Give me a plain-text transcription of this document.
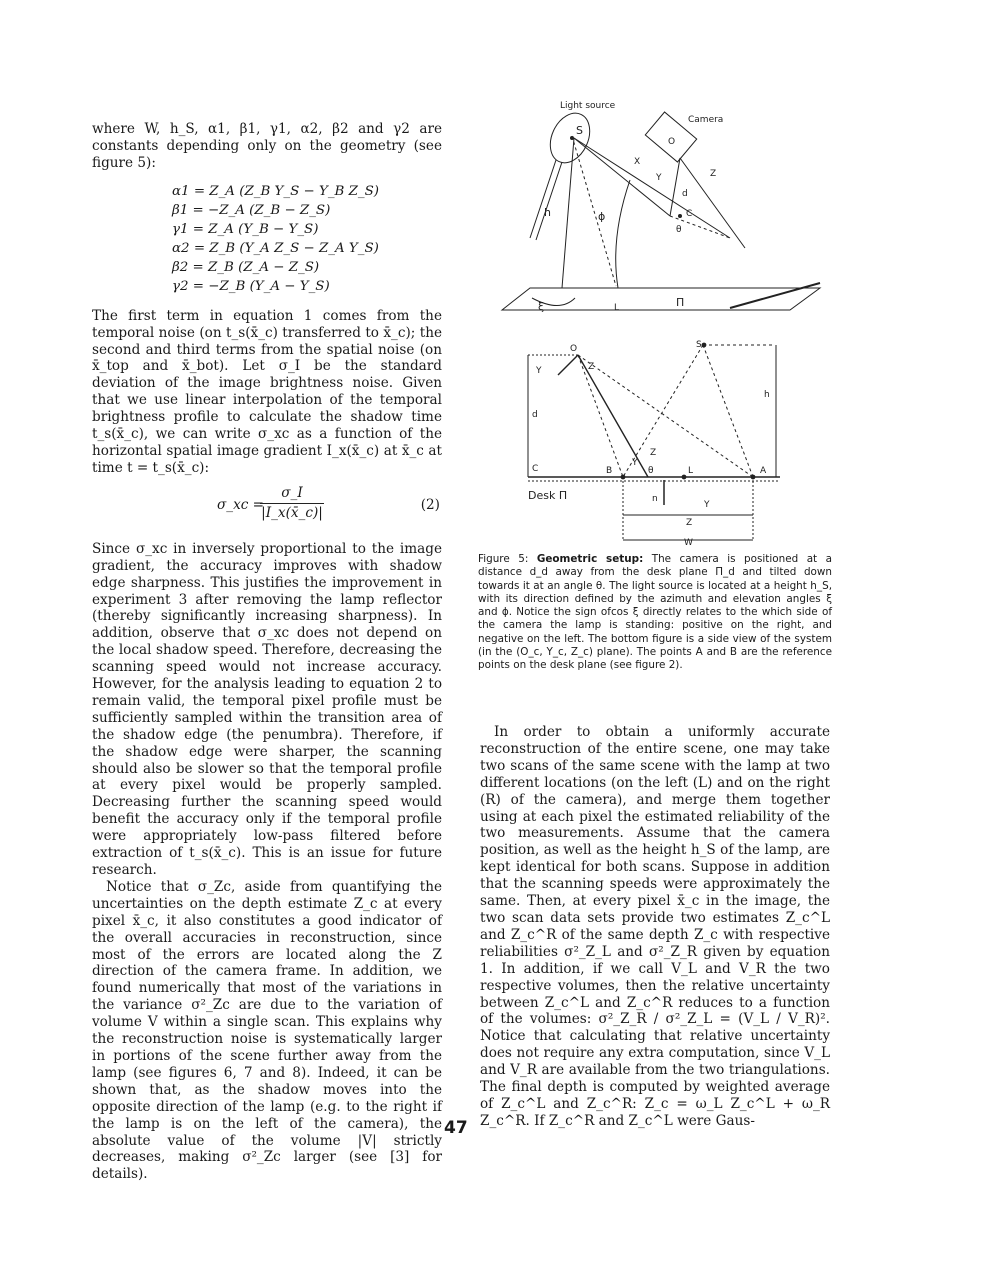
where W, h_S, α1, β1, γ1, α2, β2 and γ2 are constants depending only on the geometry (see figure 5):

α1 = Z_A (Z_B Y_S − Y_B Z_S)
β1 = −Z_A (Z_B − Z_S)
γ1 = Z_A (Y_B − Y_S)
α2 = Z_B (Y_A Z_S − Z_A Y_S)
β2 = Z_B (Z_A − Z_S)
γ2 = −Z_B (Y_A − Y_S)

The first term in equation 1 comes from the temporal noise (on t_s(x̄_c) transferred to x̄_c); the second and third terms from the spatial noise (on x̄_top and x̄_bot). Let σ_I be the standard deviation of the image brightness noise. Given that we use linear interpolation of the temporal brightness profile to calculate the shadow time t_s(x̄_c), we can write σ_xc as a function of the horizontal spatial image gradient I_x(x̄_c) at x̄_c at time t = t_s(x̄_c):

σ_xc =
$\frac{\sigma\_I}{|I\_x(x̄\_c)|}$	(2)

Since σ_xc in inversely proportional to the image gradient, the accuracy improves with shadow edge sharpness. This justifies the improvement in experiment 3 after removing the lamp reflector (thereby significantly increasing sharpness). In addition, observe that σ_xc does not depend on the local shadow speed. Therefore, decreasing the scanning speed would not increase accuracy. However, for the analysis leading to equation 2 to remain valid, the temporal pixel profile must be sufficiently sampled within the transition area of the shadow edge (the penumbra). Therefore, if the shadow edge were sharper, the scanning should also be slower so that the temporal profile at every pixel would be properly sampled. Decreasing further the scanning speed would benefit the accuracy only if the temporal profile were appropriately low-pass filtered before extraction of t_s(x̄_c). This is an issue for future research.

Notice that σ_Zc, aside from quantifying the uncertainties on the depth estimate Z_c at every pixel x̄_c, it also constitutes a good indicator of the overall accuracies in reconstruction, since most of the errors are located along the Z direction of the camera frame. In addition, we found numerically that most of the variations in the variance σ²_Zc are due to the variation of volume V within a single scan. This explains why the reconstruction noise is systematically larger in portions of the scene further away from the lamp (see figures 6, 7 and 8). Indeed, it can be shown that, as the shadow moves into the opposite direction of the lamp (e.g. to the right if the lamp is on the left of the camera), the absolute value of the volume |V| strictly decreases, making σ²_Zc larger (see [3] for details).

Light source
Camera
S
O
X
Y	Z
d
h	ϕ	C
θ
ξ	L	Π
S
O
Y	Z
d
h
C	B
Y
Z
θ	L	A
Desk Π	n
Z
Y
W
Figure 5: Geometric setup: The camera is positioned at a distance d_d away from the desk plane Π_d and tilted down towards it at an angle θ. The light source is located at a height h_S, with its direction defined by the azimuth and elevation angles ξ and ϕ. Notice the sign ofcos ξ directly relates to the which side of the camera the lamp is standing: positive on the right, and negative on the left. The bottom figure is a side view of the system (in the (O_c, Y_c, Z_c) plane). The points A and B are the reference points on the desk plane (see figure 2).

In order to obtain a uniformly accurate reconstruction of the entire scene, one may take two scans of the same scene with the lamp at two different locations (on the left (L) and on the right (R) of the camera), and merge them together using at each pixel the estimated reliability of the two measurements. Assume that the camera position, as well as the height h_S of the lamp, are kept identical for both scans. Suppose in addition that the scanning speeds were approximately the same. Then, at every pixel x̄_c in the image, the two scan data sets provide two estimates Z_c^L and Z_c^R of the same depth Z_c with respective reliabilities σ²_Z_L and σ²_Z_R given by equation 1. In addition, if we call V_L and V_R the two respective volumes, then the relative uncertainty between Z_c^L and Z_c^R reduces to a function of the volumes: σ²_Z_R / σ²_Z_L = (V_L / V_R)². Notice that calculating that relative uncertainty does not require any extra computation, since V_L and V_R are available from the two triangulations. The final depth is computed by weighted average of Z_c^L and Z_c^R: Z_c = ω_L Z_c^L + ω_R Z_c^R. If Z_c^R and Z_c^L were Gaus-

47
